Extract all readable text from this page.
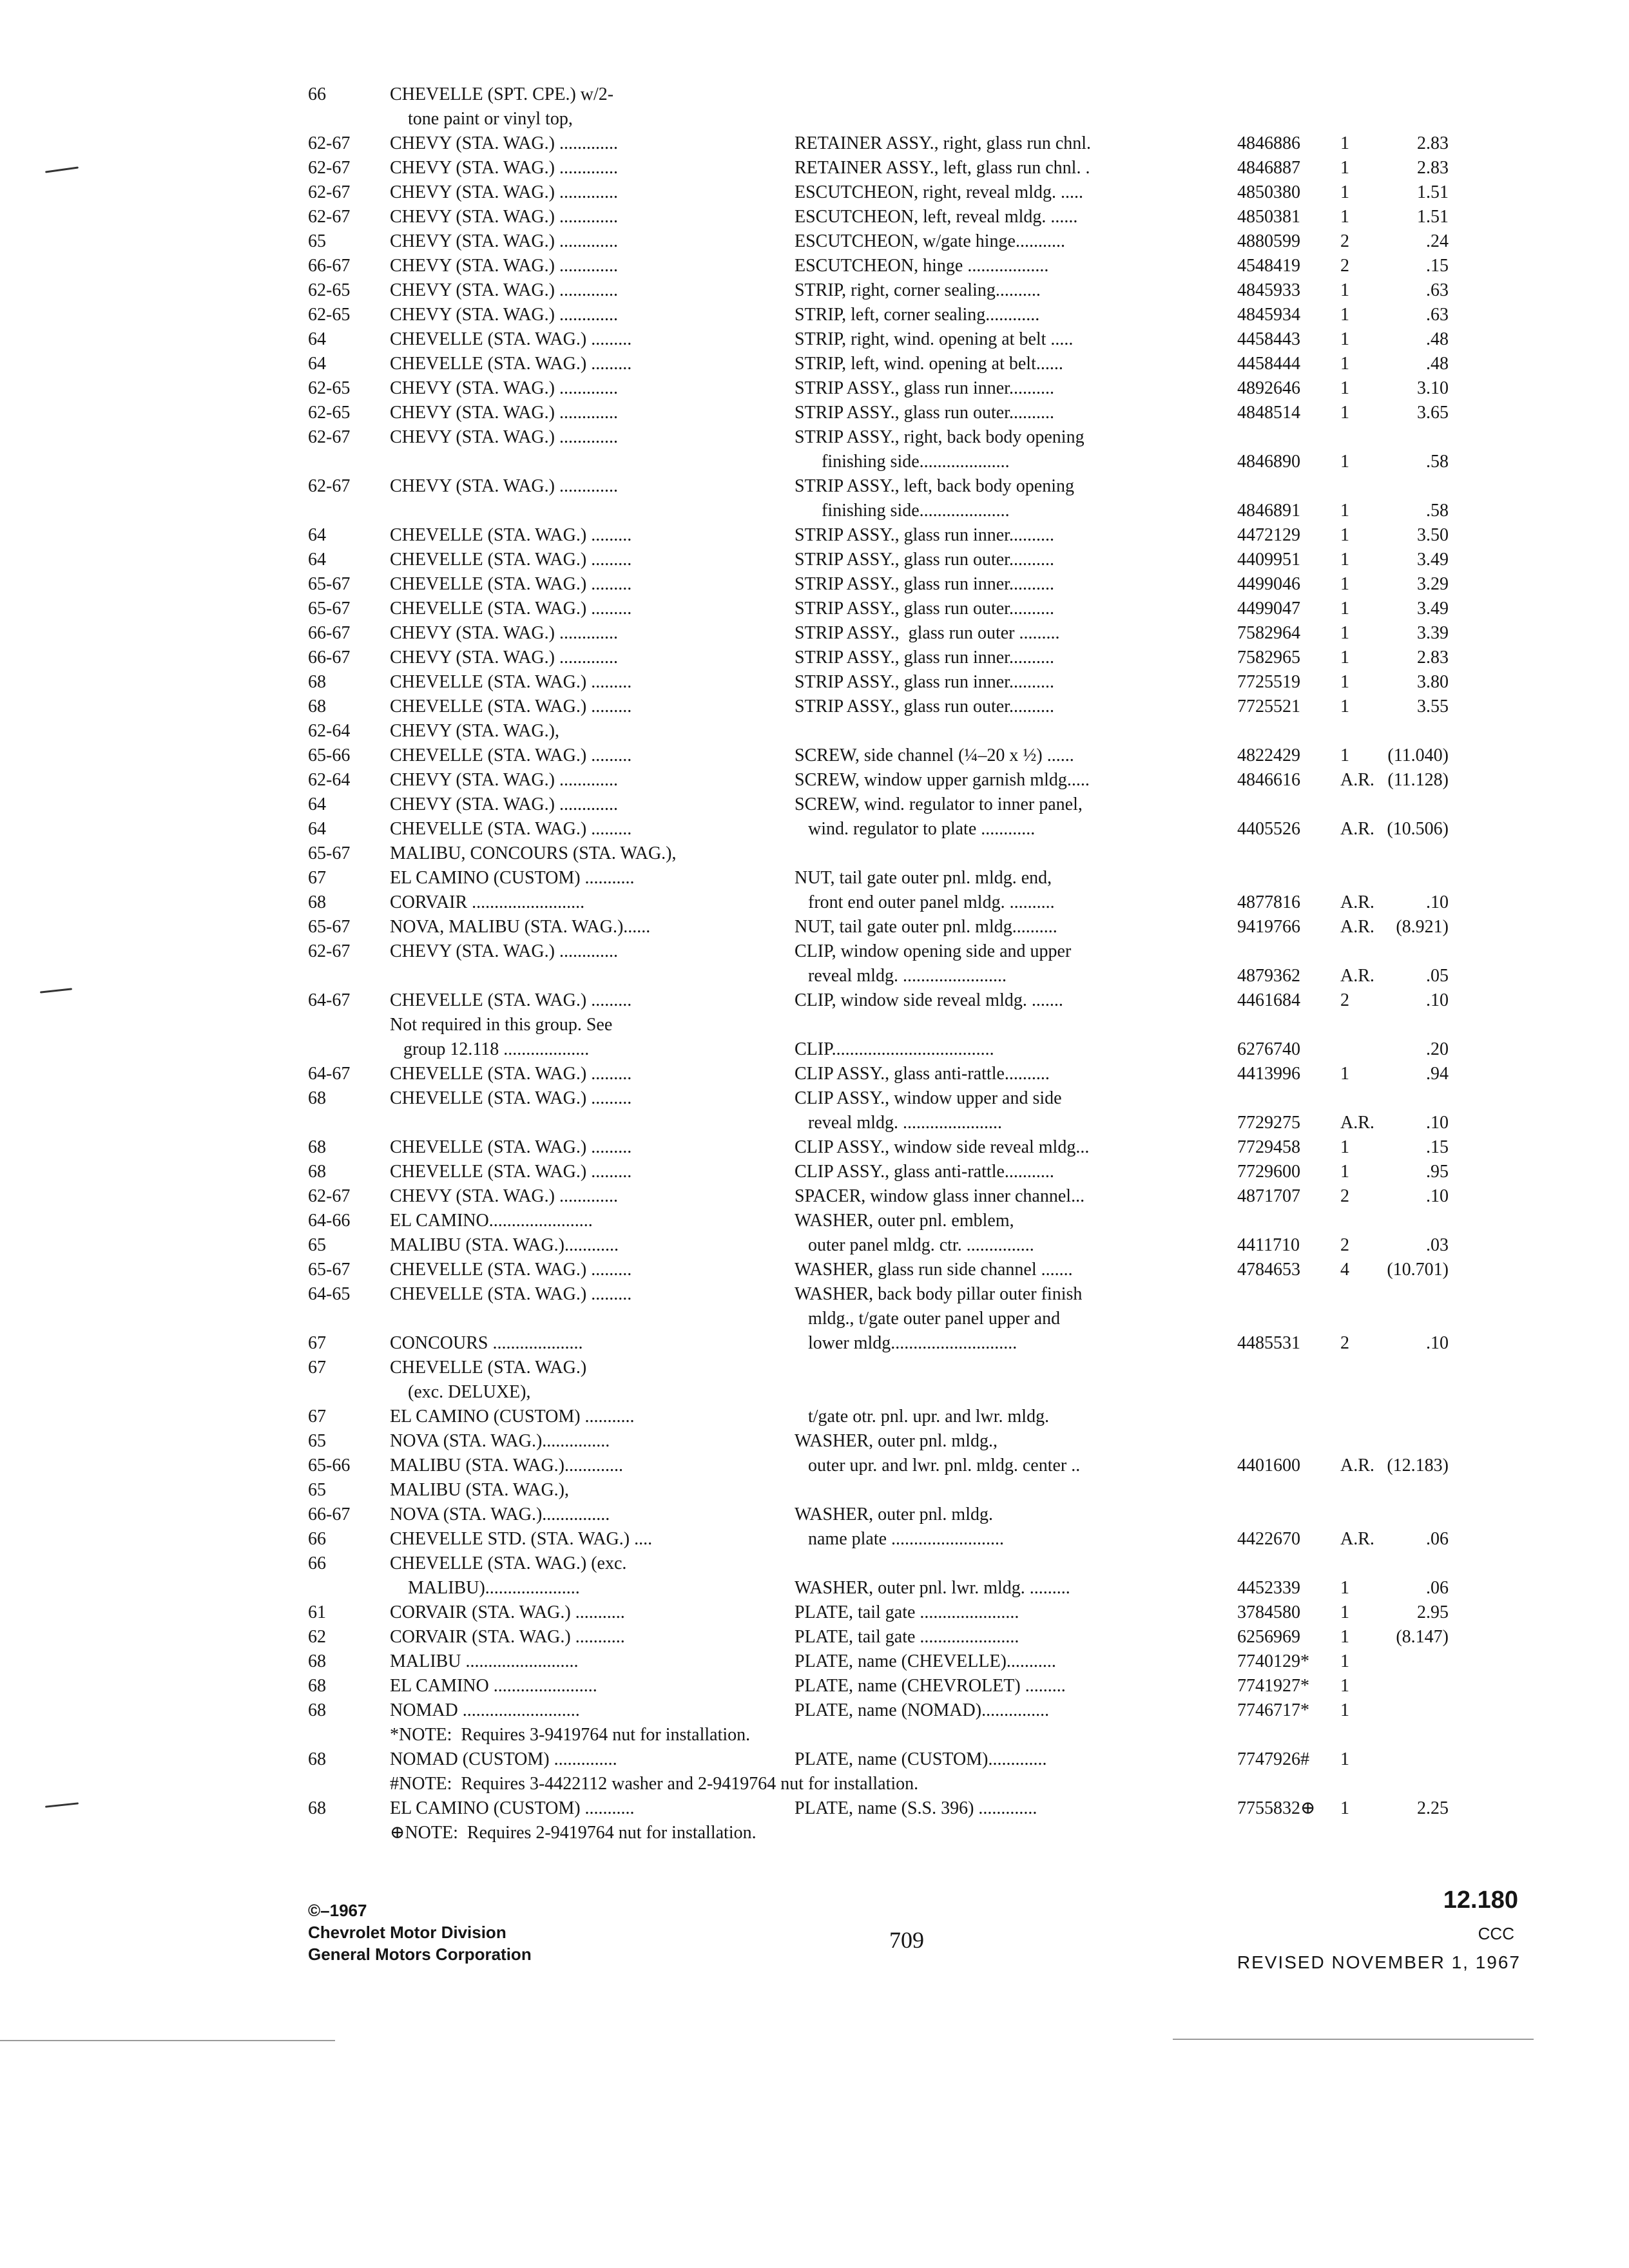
66	CHEVELLE (SPT. CPE.) w/2-
tone paint or vinyl top,
62-67 CHEVY (STA. WAG.) .............	RETAINER ASSY., right, glass run chnl.	4846886 1	2.83
62-67 CHEVY (STA. WAG.) .............	RETAINER ASSY., left, glass run chnl. .	4846887 1	2.83
62-67 CHEVY (STA. WAG.) .............	ESCUTCHEON, right, reveal mldg. .....	4850380 1	1.51
62-67 CHEVY (STA. WAG.) .............	ESCUTCHEON, left, reveal mldg. ......	4850381 1	1.51
65	CHEVY (STA. WAG.) .............	ESCUTCHEON, w/gate hinge...........	4880599 2	.24
66-67 CHEVY (STA. WAG.) .............	ESCUTCHEON, hinge ..................	4548419 2	.15
62-65 CHEVY (STA. WAG.) .............	STRIP, right, corner sealing..........	4845933 1	.63
62-65 CHEVY (STA. WAG.) .............	STRIP, left, corner sealing............	4845934 1	.63
64	CHEVELLE (STA. WAG.) .........	STRIP, right, wind. opening at belt .....	4458443 1	.48
64	CHEVELLE (STA. WAG.) .........	STRIP, left, wind. opening at belt......	4458444 1	.48
62-65 CHEVY (STA. WAG.) .............	STRIP ASSY., glass run inner..........	4892646 1	3.10
62-65 CHEVY (STA. WAG.) .............	STRIP ASSY., glass run outer..........	4848514 1	3.65
62-67 CHEVY (STA. WAG.) .............	STRIP ASSY., right, back body opening
finishing side....................	4846890 1	.58
62-67 CHEVY (STA. WAG.) .............	STRIP ASSY., left, back body opening
finishing side....................	4846891 1	.58
64	CHEVELLE (STA. WAG.) .........	STRIP ASSY., glass run inner..........	4472129 1	3.50
64	CHEVELLE (STA. WAG.) .........	STRIP ASSY., glass run outer..........	4409951 1	3.49
65-67 CHEVELLE (STA. WAG.) .........	STRIP ASSY., glass run inner..........	4499046 1	3.29
65-67 CHEVELLE (STA. WAG.) .........	STRIP ASSY., glass run outer..........	4499047 1	3.49
66-67 CHEVY (STA. WAG.) .............	STRIP ASSY.,  glass run outer .........	7582964 1	3.39
66-67 CHEVY (STA. WAG.) .............	STRIP ASSY., glass run inner..........	7582965 1	2.83
68	CHEVELLE (STA. WAG.) .........	STRIP ASSY., glass run inner..........	7725519 1	3.80
68	CHEVELLE (STA. WAG.) .........	STRIP ASSY., glass run outer..........	7725521 1	3.55
62-64 CHEVY (STA. WAG.),
65-66 CHEVELLE (STA. WAG.) .........	SCREW, side channel (¼–20 x ½) ......	4822429 1	(11.040)
62-64 CHEVY (STA. WAG.) .............	SCREW, window upper garnish mldg.....	4846616 A.R. (11.128)
64	CHEVY (STA. WAG.) .............	SCREW, wind. regulator to inner panel,
64	CHEVELLE (STA. WAG.) .........	wind. regulator to plate ............	4405526 A.R. (10.506)
65-67 MALIBU, CONCOURS (STA. WAG.),
67	EL CAMINO (CUSTOM) ...........	NUT, tail gate outer pnl. mldg. end,
68	CORVAIR .........................	front end outer panel mldg. ..........	4877816 A.R.	.10
65-67 NOVA, MALIBU (STA. WAG.)......	NUT, tail gate outer pnl. mldg..........	9419766 A.R.	(8.921)
62-67 CHEVY (STA. WAG.) .............	CLIP, window opening side and upper
reveal mldg. .......................	4879362 A.R.	.05
64-67 CHEVELLE (STA. WAG.) .........	CLIP, window side reveal mldg. .......	4461684 2	.10
Not required in this group. See
group 12.118 ...................	CLIP....................................	6276740	.20
64-67 CHEVELLE (STA. WAG.) .........	CLIP ASSY., glass anti-rattle..........	4413996 1	.94
68	CHEVELLE (STA. WAG.) .........	CLIP ASSY., window upper and side
reveal mldg. ......................	7729275 A.R.	.10
68	CHEVELLE (STA. WAG.) .........	CLIP ASSY., window side reveal mldg...	7729458 1	.15
68	CHEVELLE (STA. WAG.) .........	CLIP ASSY., glass anti-rattle...........	7729600 1	.95
62-67 CHEVY (STA. WAG.) .............	SPACER, window glass inner channel...	4871707 2	.10
64-66 EL CAMINO.......................	WASHER, outer pnl. emblem,
65	MALIBU (STA. WAG.)............	outer panel mldg. ctr. ...............	4411710 2	.03
65-67 CHEVELLE (STA. WAG.) .........	WASHER, glass run side channel .......	4784653 4	(10.701)
64-65 CHEVELLE (STA. WAG.) .........	WASHER, back body pillar outer finish
mldg., t/gate outer panel upper and
67	CONCOURS ....................	lower mldg............................	4485531 2	.10
67	CHEVELLE (STA. WAG.)
(exc. DELUXE),
67	EL CAMINO (CUSTOM) ...........	t/gate otr. pnl. upr. and lwr. mldg.
65	NOVA (STA. WAG.)...............	WASHER, outer pnl. mldg.,
65-66 MALIBU (STA. WAG.).............	outer upr. and lwr. pnl. mldg. center ..	4401600 A.R. (12.183)
65	MALIBU (STA. WAG.),
66-67 NOVA (STA. WAG.)...............	WASHER, outer pnl. mldg.
66	CHEVELLE STD. (STA. WAG.) ....	name plate .........................	4422670 A.R.	.06
66	CHEVELLE (STA. WAG.) (exc.
MALIBU).....................	WASHER, outer pnl. lwr. mldg. .........	4452339 1	.06
61	CORVAIR (STA. WAG.) ...........	PLATE, tail gate ......................	3784580 1	2.95
62	CORVAIR (STA. WAG.) ...........	PLATE, tail gate ......................	6256969 1	(8.147)
68	MALIBU .........................	PLATE, name (CHEVELLE)...........	7740129* 1
68	EL CAMINO .......................	PLATE, name (CHEVROLET) .........	7741927* 1
68	NOMAD ..........................	PLATE, name (NOMAD)...............	7746717* 1
*NOTE:  Requires 3-9419764 nut for installation.
68	NOMAD (CUSTOM) ..............	PLATE, name (CUSTOM).............	7747926# 1
#NOTE:  Requires 3-4422112 washer and 2-9419764 nut for installation.
68	EL CAMINO (CUSTOM) ...........	PLATE, name (S.S. 396) .............	7755832⊕ 1	2.25
⊕NOTE:  Requires 2-9419764 nut for installation.
©–1967
Chevrolet Motor Division
General Motors Corporation
709
12.180
CCC
REVISED NOVEMBER 1, 1967
